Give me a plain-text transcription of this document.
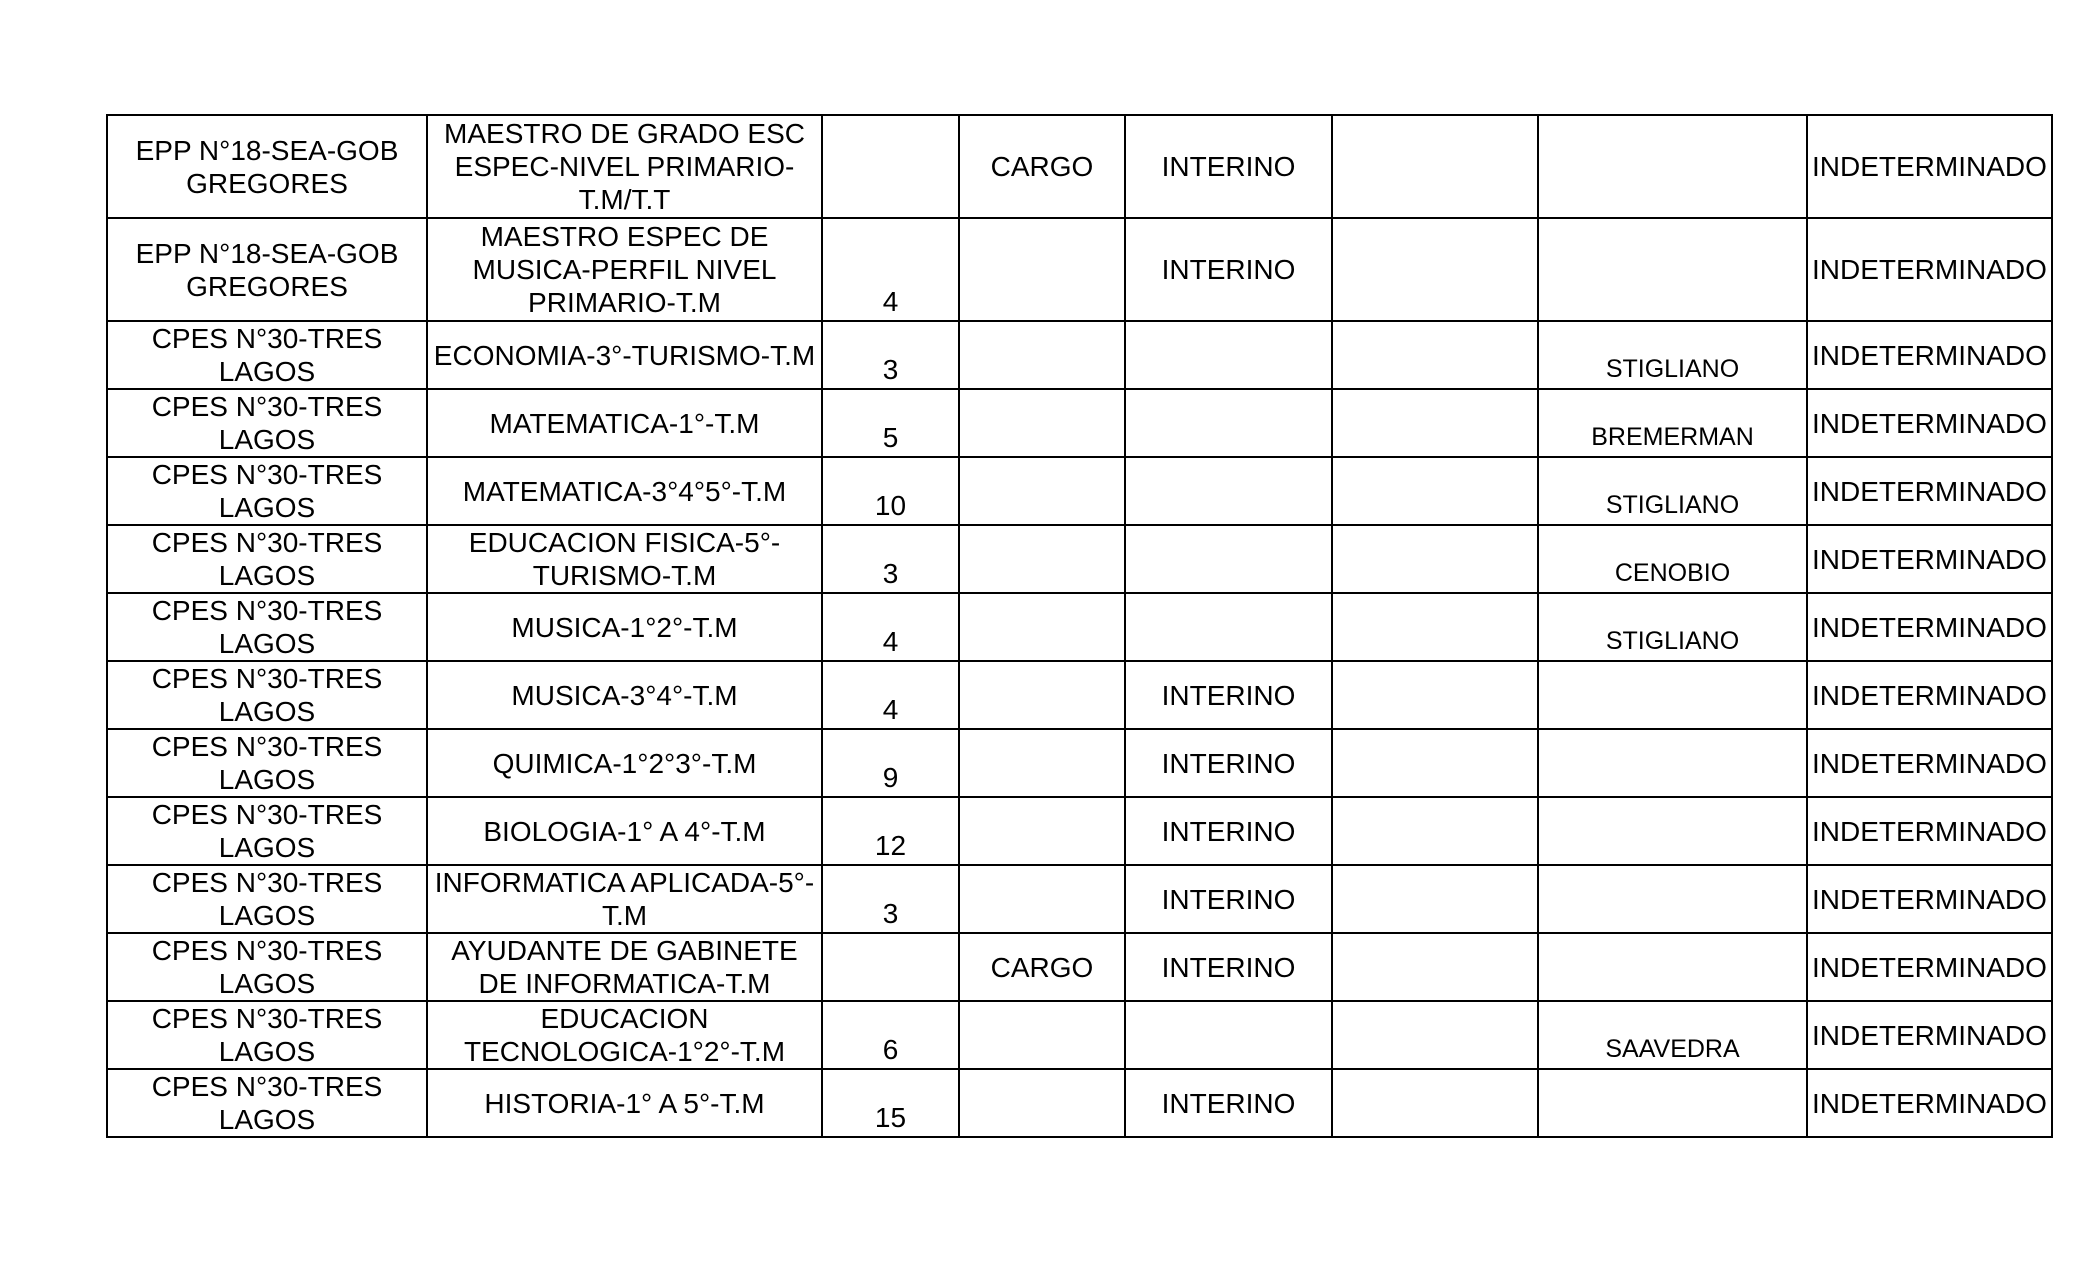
EPP N°18-SEA-GOB GREGORES	MAESTRO DE GRADO ESC ESPEC-NIVEL PRIMARIO-T.M/T.T		CARGO	INTERINO			INDETERMINADO
EPP N°18-SEA-GOB GREGORES	MAESTRO ESPEC DE MUSICA-PERFIL NIVEL PRIMARIO-T.M	4		INTERINO			INDETERMINADO
CPES N°30-TRES LAGOS	ECONOMIA-3°-TURISMO-T.M	3				STIGLIANO	INDETERMINADO
CPES N°30-TRES LAGOS	MATEMATICA-1°-T.M	5				BREMERMAN	INDETERMINADO
CPES N°30-TRES LAGOS	MATEMATICA-3°4°5°-T.M	10				STIGLIANO	INDETERMINADO
CPES N°30-TRES LAGOS	EDUCACION FISICA-5°-TURISMO-T.M	3				CENOBIO	INDETERMINADO
CPES N°30-TRES LAGOS	MUSICA-1°2°-T.M	4				STIGLIANO	INDETERMINADO
CPES N°30-TRES LAGOS	MUSICA-3°4°-T.M	4		INTERINO			INDETERMINADO
CPES N°30-TRES LAGOS	QUIMICA-1°2°3°-T.M	9		INTERINO			INDETERMINADO
CPES N°30-TRES LAGOS	BIOLOGIA-1° A 4°-T.M	12		INTERINO			INDETERMINADO
CPES N°30-TRES LAGOS	INFORMATICA APLICADA-5°-T.M	3		INTERINO			INDETERMINADO
CPES N°30-TRES LAGOS	AYUDANTE DE GABINETE DE INFORMATICA-T.M		CARGO	INTERINO			INDETERMINADO
CPES N°30-TRES LAGOS	EDUCACION TECNOLOGICA-1°2°-T.M	6				SAAVEDRA	INDETERMINADO
CPES N°30-TRES LAGOS	HISTORIA-1° A 5°-T.M	15		INTERINO			INDETERMINADO
